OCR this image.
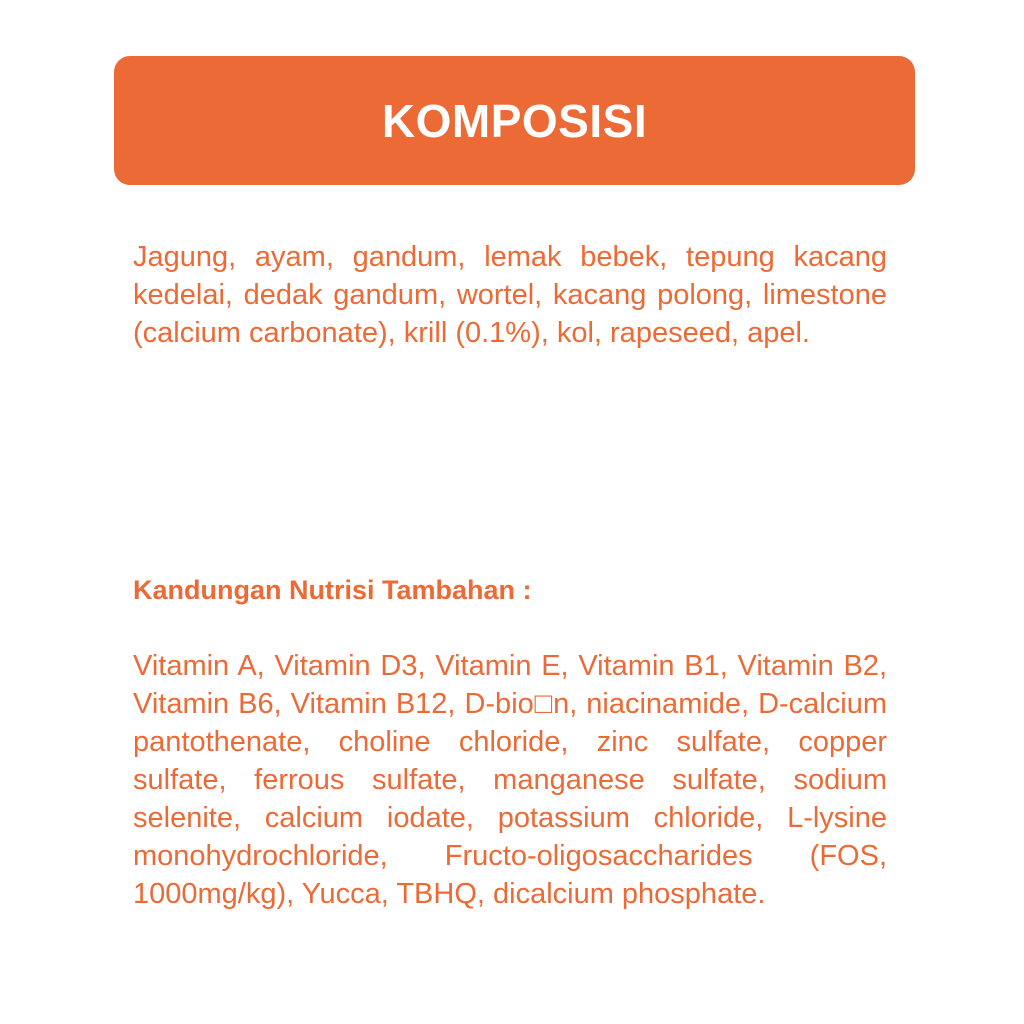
KOMPOSISI

Jagung, ayam, gandum, lemak bebek, tepung kacang kedelai, dedak gandum, wortel, kacang polong, limestone (calcium carbonate), krill (0.1%), kol, rapeseed, apel.

Kandungan Nutrisi Tambahan :

Vitamin A, Vitamin D3, Vitamin E, Vitamin B1, Vitamin B2, Vitamin B6, Vitamin B12, D-bio□n, niacinamide, D-calcium pantothenate, choline chloride, zinc sulfate, copper sulfate, ferrous sulfate, manganese sulfate, sodium selenite, calcium iodate, potassium chloride, L-lysine monohydrochloride, Fructo-oligosaccharides (FOS, 1000mg/kg), Yucca, TBHQ, dicalcium phosphate.
